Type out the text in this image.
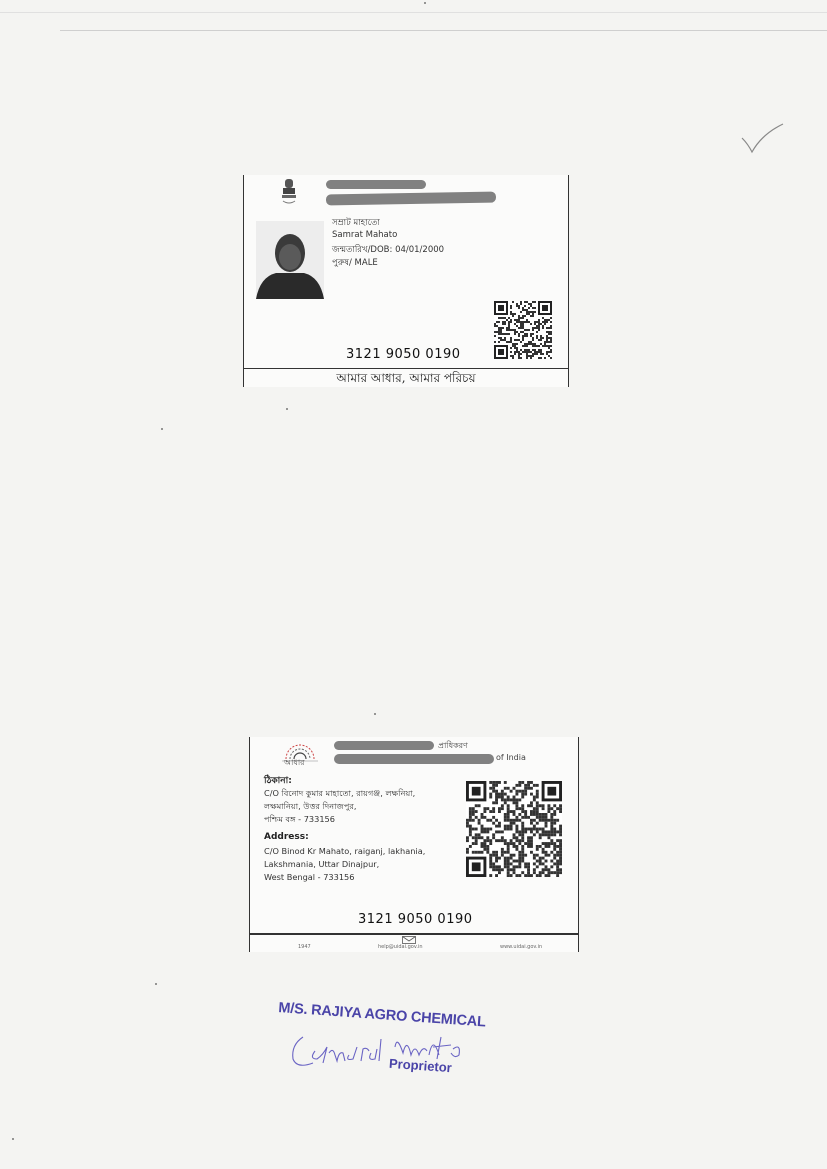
সম্রাট মাহাতো
Samrat Mahato
জন্মতারিখ/DOB: 04/01/2000
পুরুষ/ MALE
3121 9050 0190
আমার আধার, আমার পরিচয়
আধার
প্রাধিকরণ
of India
ঠিকানা:
C/O বিনোদ কুমার মাহাতো, রায়গঞ্জ, লক্ষনিয়া,
লক্ষমানিয়া, উত্তর দিনাজপুর,
পশ্চিম বঙ্গ - 733156
Address:
C/O Binod Kr Mahato, raiganj, lakhania,
Lakshmania, Uttar Dinajpur,
West Bengal - 733156
3121 9050 0190
1947	help@uidai.gov.in	www.uidai.gov.in
M/S. RAJIYA AGRO CHEMICAL
Proprietor
